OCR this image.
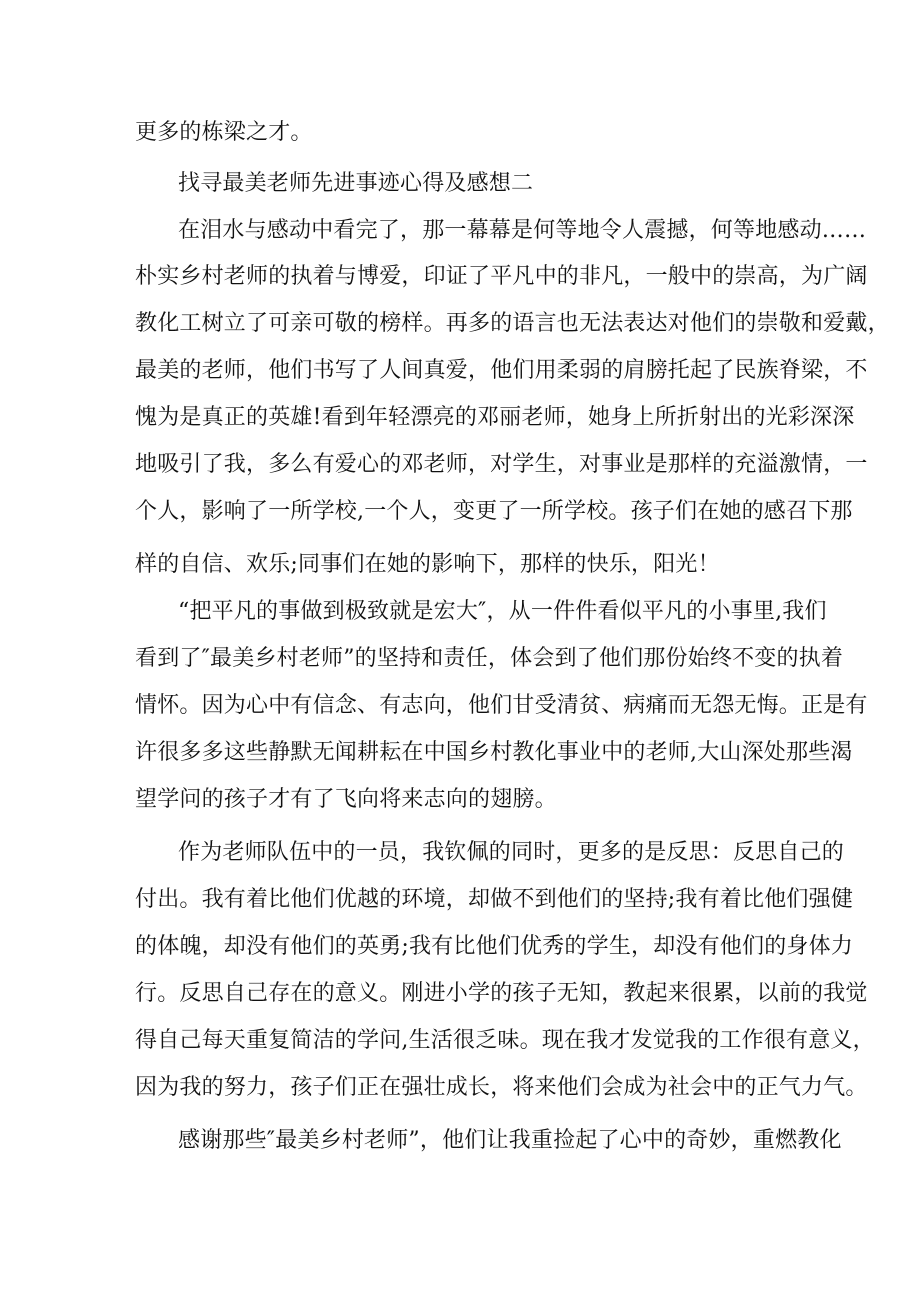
更多的栋梁之才。

找寻最美老师先进事迹心得及感想二

在泪水与感动中看完了，那一幕幕是何等地令人震撼，何等地感动……

朴实乡村老师的执着与博爱，印证了平凡中的非凡，一般中的崇高，为广阔

教化工树立了可亲可敬的榜样。再多的语言也无法表达对他们的崇敬和爱戴，

最美的老师，他们书写了人间真爱，他们用柔弱的肩膀托起了民族脊梁，不

愧为是真正的英雄!看到年轻漂亮的邓丽老师，她身上所折射出的光彩深深

地吸引了我，多么有爱心的邓老师，对学生，对事业是那样的充溢激情，一

个人，影响了一所学校,一个人，变更了一所学校。孩子们在她的感召下那

样的自信、欢乐;同事们在她的影响下，那样的快乐，阳光！

“把平凡的事做到极致就是宏大″，从一件件看似平凡的小事里,我们

看到了″最美乡村老师”的坚持和责任，体会到了他们那份始终不变的执着

情怀。因为心中有信念、有志向，他们甘受清贫、病痛而无怨无悔。正是有

许很多多这些静默无闻耕耘在中国乡村教化事业中的老师,大山深处那些渴

望学问的孩子才有了飞向将来志向的翅膀。

作为老师队伍中的一员，我钦佩的同时，更多的是反思：反思自己的

付出。我有着比他们优越的环境，却做不到他们的坚持;我有着比他们强健

的体魄，却没有他们的英勇;我有比他们优秀的学生，却没有他们的身体力

行。反思自己存在的意义。刚进小学的孩子无知，教起来很累，以前的我觉

得自己每天重复简洁的学问,生活很乏味。现在我才发觉我的工作很有意义，

因为我的努力，孩子们正在强壮成长，将来他们会成为社会中的正气力气。

感谢那些″最美乡村老师”，他们让我重捡起了心中的奇妙，重燃教化
